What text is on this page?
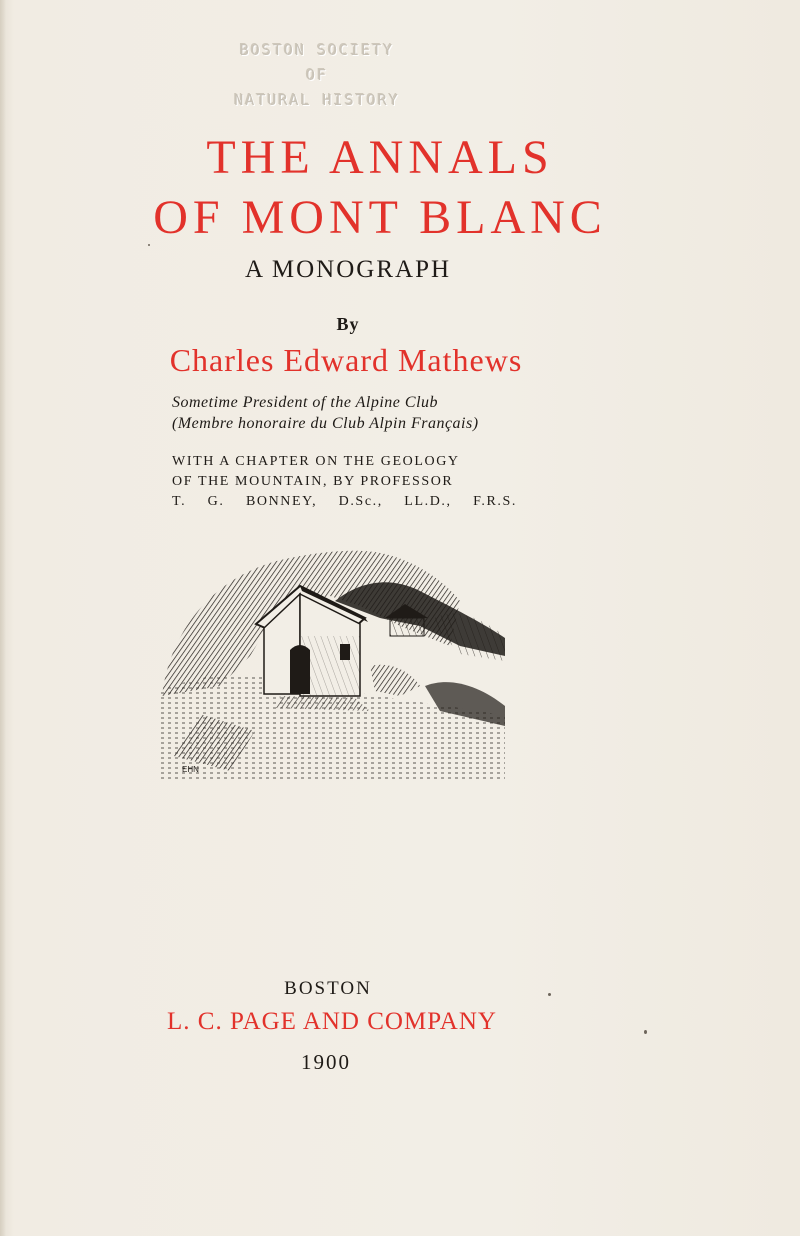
BOSTON SOCIETY
OF
NATURAL HISTORY
THE ANNALS
OF MONT BLANC
A MONOGRAPH
By
Charles Edward Mathews
Sometime President of the Alpine Club
(Membre honoraire du Club Alpin Français)
WITH A CHAPTER ON THE GEOLOGY
OF THE MOUNTAIN, BY PROFESSOR
T. G. BONNEY, D.Sc., LL.D., F.R.S.
EHN
BOSTON
L. C. PAGE AND COMPANY
1900
